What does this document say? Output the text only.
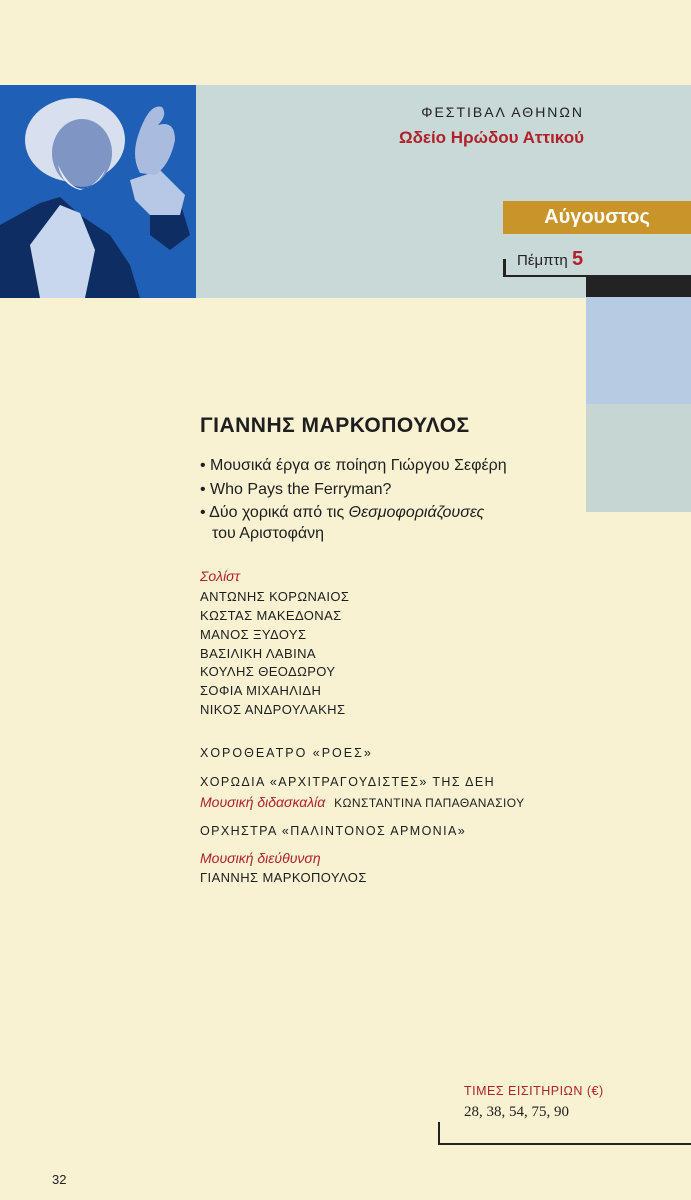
ΦΕΣΤΙΒΑΛ ΑΘΗΝΩΝ
Ωδείο Ηρώδου Αττικού
Αύγουστος
Πέμπτη 5
ΓΙΑΝΝΗΣ ΜΑΡΚΟΠΟΥΛΟΣ
• Μουσικά έργα σε ποίηση Γιώργου Σεφέρη
• Who Pays the Ferryman?
• Δύο χορικά από τις Θεσμοφοριάζουσες
του Αριστοφάνη
Σολίστ
ΑΝΤΩΝΗΣ ΚΟΡΩΝΑΙΟΣ
ΚΩΣΤΑΣ ΜΑΚΕΔΟΝΑΣ
ΜΑΝΟΣ ΞΥΔΟΥΣ
ΒΑΣΙΛΙΚΗ ΛΑΒΙΝΑ
ΚΟΥΛΗΣ ΘΕΟΔΩΡΟΥ
ΣΟΦΙΑ ΜΙΧΑΗΛΙΔΗ
ΝΙΚΟΣ ΑΝΔΡΟΥΛΑΚΗΣ
ΧΟΡΟΘΕΑΤΡΟ «ΡΟΕΣ»
ΧΟΡΩΔΙΑ «ΑΡΧΙΤΡΑΓΟΥΔΙΣΤΕΣ» ΤΗΣ ΔΕΗ
Μουσική διδασκαλία ΚΩΝΣΤΑΝΤΙΝΑ ΠΑΠΑΘΑΝΑΣΙΟΥ
ΟΡΧΗΣΤΡΑ «ΠΑΛΙΝΤΟΝΟΣ ΑΡΜΟΝΙΑ»
Μουσική διεύθυνση
ΓΙΑΝΝΗΣ ΜΑΡΚΟΠΟΥΛΟΣ
ΤΙΜΕΣ ΕΙΣΙΤΗΡΙΩΝ (€)
28, 38, 54, 75, 90
32
